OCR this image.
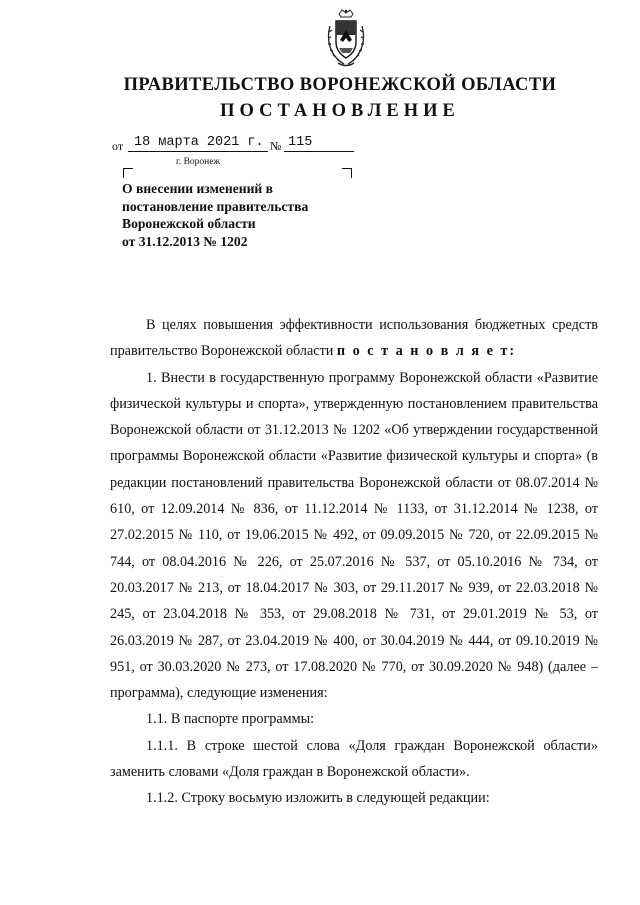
ПРАВИТЕЛЬСТВО ВОРОНЕЖСКОЙ ОБЛАСТИ
ПОСТАНОВЛЕНИЕ
от 18 марта 2021 г. № 115
г. Воронеж
О внесении изменений в
постановление правительства
Воронежской области
от 31.12.2013 № 1202

В целях повышения эффективности использования бюджетных средств правительство Воронежской области п о с т а н о в л я е т:

1. Внести в государственную программу Воронежской области «Развитие физической культуры и спорта», утвержденную постановлением правительства Воронежской области от 31.12.2013 № 1202 «Об утверждении государственной программы Воронежской области «Развитие физической культуры и спорта» (в редакции постановлений правительства Воронежской области от 08.07.2014 № 610, от 12.09.2014 № 836, от 11.12.2014 № 1133, от 31.12.2014 № 1238, от 27.02.2015 № 110, от 19.06.2015 № 492, от 09.09.2015 № 720, от 22.09.2015 № 744, от 08.04.2016 № 226, от 25.07.2016 № 537, от 05.10.2016 № 734, от 20.03.2017 № 213, от 18.04.2017 № 303, от 29.11.2017 № 939, от 22.03.2018 № 245, от 23.04.2018 № 353, от 29.08.2018 № 731, от 29.01.2019 № 53, от 26.03.2019 № 287, от 23.04.2019 № 400, от 30.04.2019 № 444, от 09.10.2019 № 951, от 30.03.2020 № 273, от 17.08.2020 № 770, от 30.09.2020 № 948) (далее – программа), следующие изменения:

1.1. В паспорте программы:

1.1.1. В строке шестой слова «Доля граждан Воронежской области» заменить словами «Доля граждан в Воронежской области».

1.1.2. Строку восьмую изложить в следующей редакции:
